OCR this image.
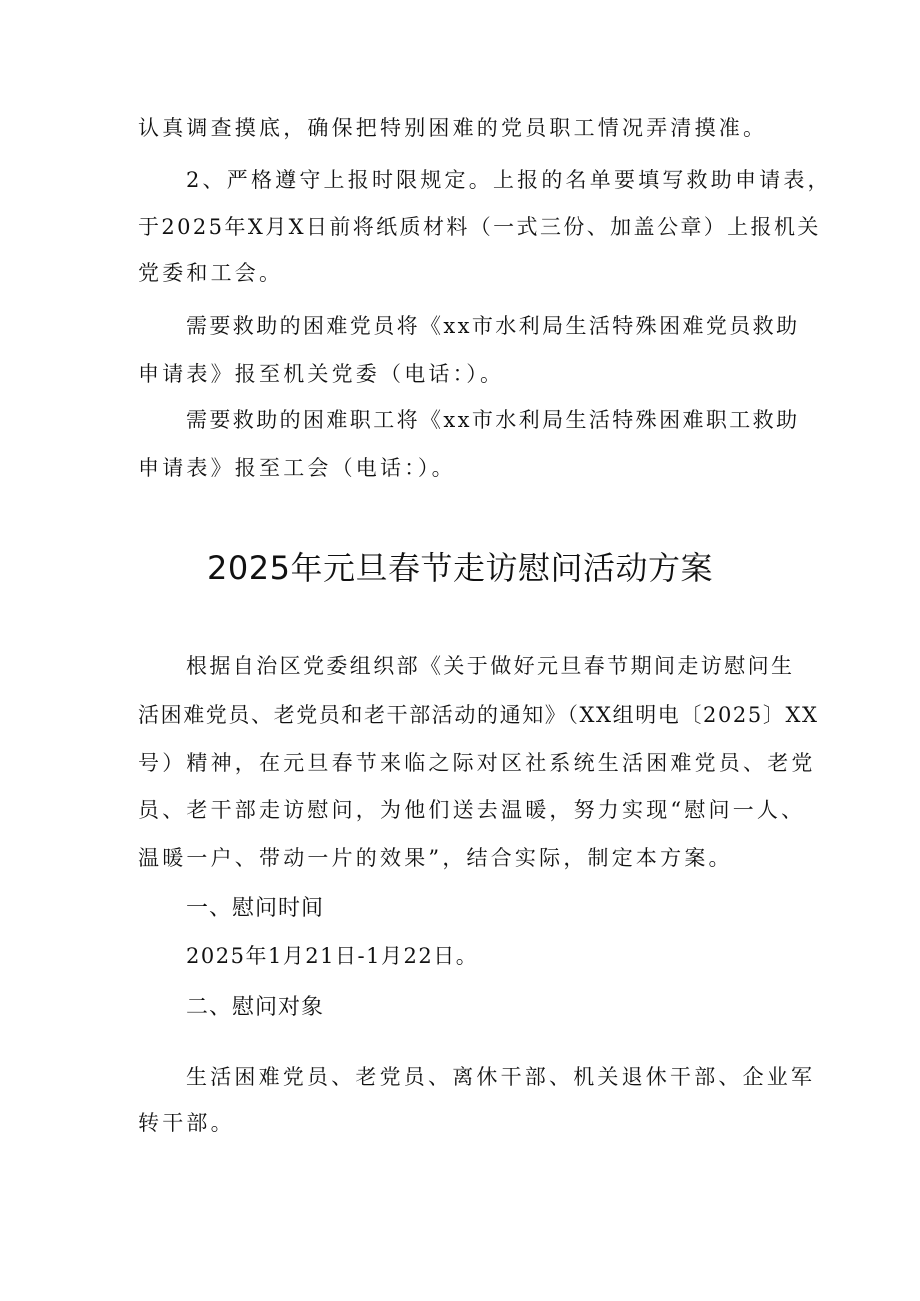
认真调查摸底，确保把特别困难的党员职工情况弄清摸准。
2、严格遵守上报时限规定。上报的名单要填写救助申请表，
于2025年X月X日前将纸质材料（一式三份、加盖公章）上报机关
党委和工会。
需要救助的困难党员将《xx市水利局生活特殊困难党员救助
申请表》报至机关党委（电话：）。
需要救助的困难职工将《xx市水利局生活特殊困难职工救助
申请表》报至工会（电话：）。
2025年元旦春节走访慰问活动方案
根据自治区党委组织部《关于做好元旦春节期间走访慰问生
活困难党员、老党员和老干部活动的通知》（XX组明电〔2025〕XX
号）精神，在元旦春节来临之际对区社系统生活困难党员、老党
员、老干部走访慰问，为他们送去温暖，努力实现“慰问一人、
温暖一户、带动一片的效果”，结合实际，制定本方案。
一、慰问时间
2025年1月21日-1月22日。
二、慰问对象
生活困难党员、老党员、离休干部、机关退休干部、企业军
转干部。
